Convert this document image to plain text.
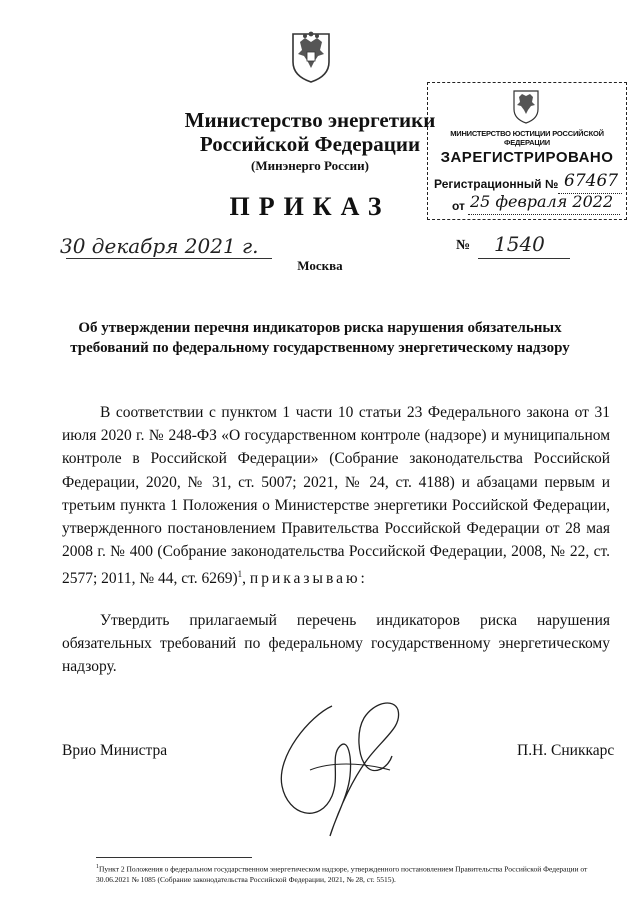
Министерство энергетики
Российской Федерации
(Минэнерго России)
ПРИКАЗ
МИНИСТЕРСТВО ЮСТИЦИИ РОССИЙСКОЙ ФЕДЕРАЦИИ
ЗАРЕГИСТРИРОВАНО
Регистрационный № 67467
от 25 февраля 2022
30 декабря 2021 г.	№ 1540
Москва
Об утверждении перечня индикаторов риска нарушения обязательных
требований по федеральному государственному энергетическому надзору
В соответствии с пунктом 1 части 10 статьи 23 Федерального закона от 31 июля 2020 г. № 248-ФЗ «О государственном контроле (надзоре) и муниципальном контроле в Российской Федерации» (Собрание законодательства Российской Федерации, 2020, № 31, ст. 5007; 2021, № 24, ст. 4188) и абзацами первым и третьим пункта 1 Положения о Министерстве энергетики Российской Федерации, утвержденного постановлением Правительства Российской Федерации от 28 мая 2008 г. № 400 (Собрание законодательства Российской Федерации, 2008, № 22, ст. 2577; 2011, № 44, ст. 6269)$^1$, приказываю:
Утвердить прилагаемый перечень индикаторов риска нарушения обязательных требований по федеральному государственному энергетическому надзору.
Врио Министра	П.Н. Сниккарс
$^1$Пункт 2 Положения о федеральном государственном энергетическом надзоре, утвержденного постановлением Правительства Российской Федерации от 30.06.2021 № 1085 (Собрание законодательства Российской Федерации, 2021, № 28, ст. 5515).
